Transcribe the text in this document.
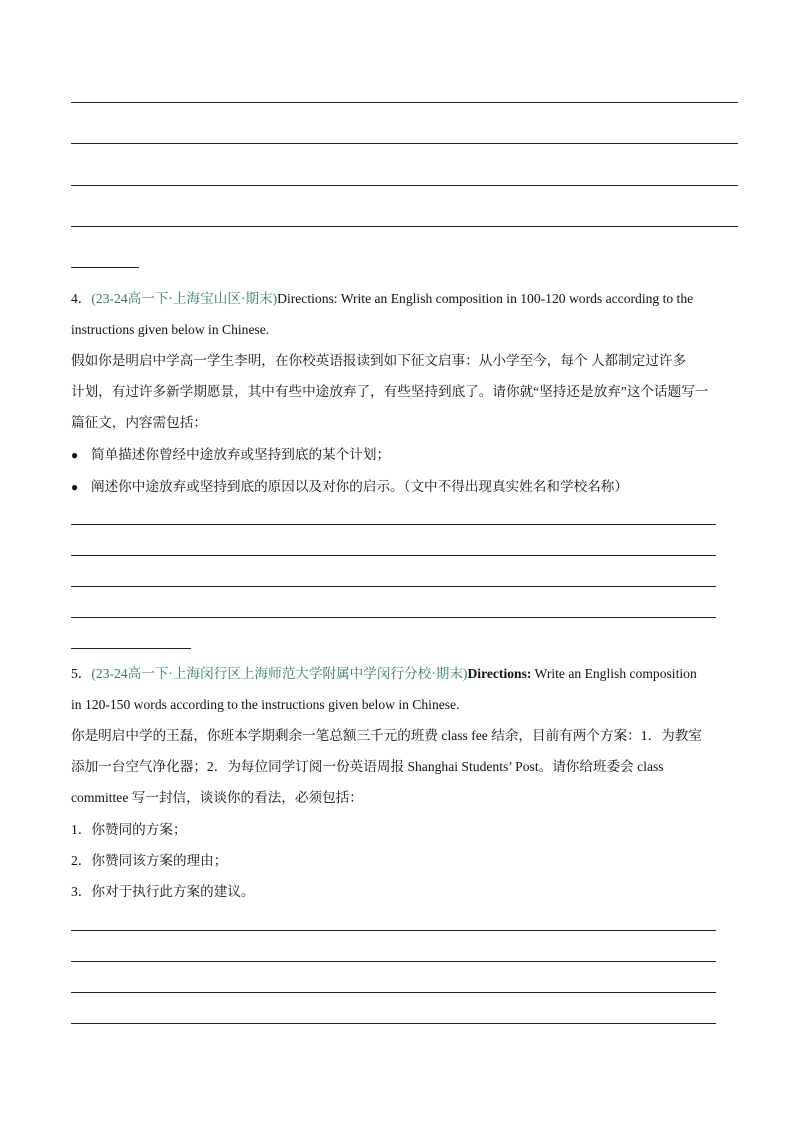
4．(23-24高一下·上海宝山区·期末)Directions: Write an English composition in 100-120 words according to the
instructions given below in Chinese.
假如你是明启中学高一学生李明，在你校英语报读到如下征文启事：从小学至今，每个 人都制定过许多
计划，有过许多新学期愿景，其中有些中途放弃了，有些坚持到底了。请你就“坚持还是放弃”这个话题写一
篇征文，内容需包括：
● 简单描述你曾经中途放弃或坚持到底的某个计划；
● 阐述你中途放弃或坚持到底的原因以及对你的启示。（文中不得出现真实姓名和学校名称）
5．(23-24高一下·上海闵行区上海师范大学附属中学闵行分校·期末)Directions: Write an English composition
in 120-150 words according to the instructions given below in Chinese.
你是明启中学的王磊，你班本学期剩余一笔总额三千元的班费 class fee 结余，目前有两个方案：1．为教室
添加一台空气净化器；2．为每位同学订阅一份英语周报 Shanghai Students’ Post。请你给班委会 class
committee 写一封信，谈谈你的看法，必须包括：
1．你赞同的方案；
2．你赞同该方案的理由；
3．你对于执行此方案的建议。
